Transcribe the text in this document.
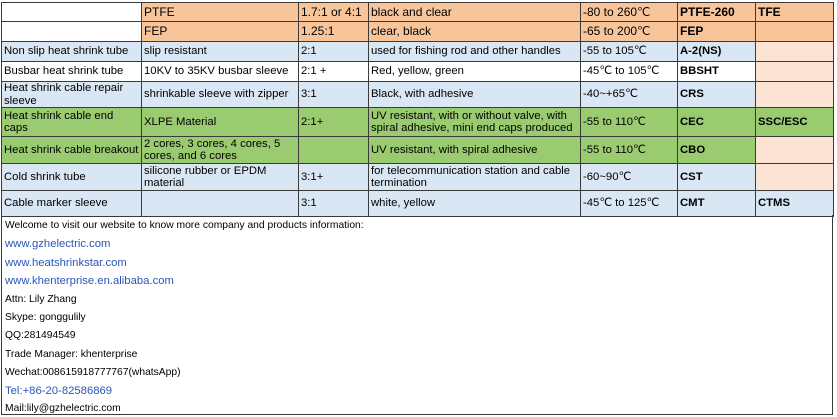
	PTFE	1.7:1 or 4:1	black and clear	-80 to 260℃	PTFE-260	TFE
	FEP	1.25:1	clear, black	-65 to 200℃	FEP	
Non slip heat shrink tube	slip resistant	2:1	used for fishing rod and other handles	-55 to 105℃	A-2(NS)	
Busbar heat shrink tube	10KV to 35KV busbar sleeve	2:1 +	Red, yellow, green	-45℃ to 105℃	BBSHT	
Heat shrink cable repair sleeve	shrinkable sleeve with zipper	3:1	Black, with adhesive	-40~+65℃	CRS	
Heat shrink cable end caps	XLPE Material	2:1+	UV resistant, with or without valve, with spiral adhesive, mini end caps produced	-55 to 110℃	CEC	SSC/ESC
Heat shrink cable breakout	2 cores, 3 cores, 4 cores, 5 cores, and 6 cores		UV resistant, with spiral adhesive	-55 to 110℃	CBO	
Cold shrink tube	silicone rubber or EPDM material	3:1+	for telecommunication station and cable termination	-60~90℃	CST	
Cable marker sleeve		3:1	white, yellow	-45℃ to 125℃	CMT	CTMS
Welcome to visit our website to know more company and products information:
www.gzhelectric.com
www.heatshrinkstar.com
www.khenterprise.en.alibaba.com
Attn: Lily Zhang
Skype: gonggulily
QQ:281494549
Trade Manager: khenterprise
Wechat:008615918777767(whatsApp)
Tel:+86-20-82586869
Mail:lily@gzhelectric.com
